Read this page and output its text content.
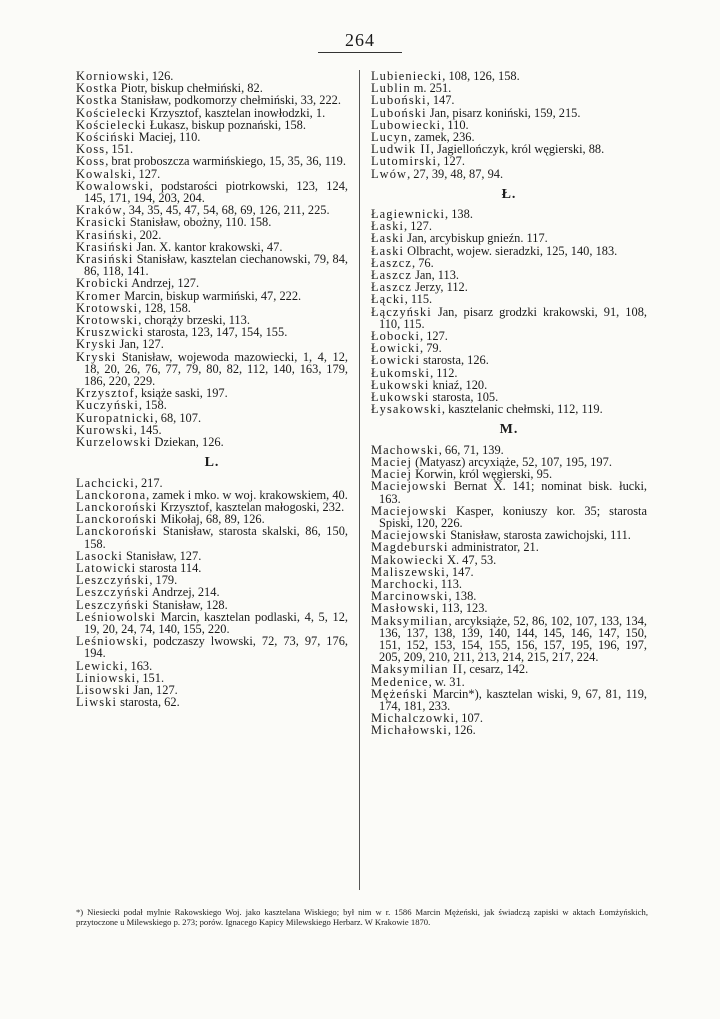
264

Korniowski, 126.

Kostka Piotr, biskup chełmiński, 82.

Kostka Stanisław, podkomorzy chełmiński, 33, 222.

Kościelecki Krzysztof, kasztelan inowłodzki, 1.

Kościelecki Łukasz, biskup poznański, 158.

Kościński Maciej, 110.

Koss, 151.

Koss, brat proboszcza warmińskiego, 15, 35, 36, 119.

Kowalski, 127.

Kowalowski, podstarości piotrkowski, 123, 124, 145, 171, 194, 203, 204.

Kraków, 34, 35, 45, 47, 54, 68, 69, 126, 211, 225.

Krasicki Stanisław, obożny, 110. 158.

Krasiński, 202.

Krasiński Jan. X. kantor krakowski, 47.

Krasiński Stanisław, kasztelan ciechanowski, 79, 84, 86, 118, 141.

Krobicki Andrzej, 127.

Kromer Marcin, biskup warmiński, 47, 222.

Krotowski, 128, 158.

Krotowski, chorąży brzeski, 113.

Kruszwicki starosta, 123, 147, 154, 155.

Kryski Jan, 127.

Kryski Stanisław, wojewoda mazowiecki, 1, 4, 12, 18, 20, 26, 76, 77, 79, 80, 82, 112, 140, 163, 179, 186, 220, 229.

Krzysztof, książe saski, 197.

Kuczyński, 158.

Kuropatnicki, 68, 107.

Kurowski, 145.

Kurzelowski Dziekan, 126.

L.

Lachcicki, 217.

Lanckorona, zamek i mko. w woj. krakowskiem, 40.

Lanckoroński Krzysztof, kasztelan małogoski, 232.

Lanckoroński Mikołaj, 68, 89, 126.

Lanckoroński Stanisław, starosta skalski, 86, 150, 158.

Lasocki Stanisław, 127.

Latowicki starosta 114.

Leszczyński, 179.

Leszczyński Andrzej, 214.

Leszczyński Stanisław, 128.

Leśniowolski Marcin, kasztelan podlaski, 4, 5, 12, 19, 20, 24, 74, 140, 155, 220.

Leśniowski, podczaszy lwowski, 72, 73, 97, 176, 194.

Lewicki, 163.

Liniowski, 151.

Lisowski Jan, 127.

Liwski starosta, 62.

Lubieniecki, 108, 126, 158.

Lublin m. 251.

Luboński, 147.

Luboński Jan, pisarz koniński, 159, 215.

Lubowiecki, 110.

Lucyn, zamek, 236.

Ludwik II, Jagiellończyk, król węgierski, 88.

Lutomirski, 127.

Lwów, 27, 39, 48, 87, 94.

Ł.

Łagiewnicki, 138.

Łaski, 127.

Łaski Jan, arcybiskup gnieźn. 117.

Łaski Olbracht, wojew. sieradzki, 125, 140, 183.

Łaszcz, 76.

Łaszcz Jan, 113.

Łaszcz Jerzy, 112.

Łącki, 115.

Łączyński Jan, pisarz grodzki krakowski, 91, 108, 110, 115.

Łobocki, 127.

Łowicki, 79.

Łowicki starosta, 126.

Łukomski, 112.

Łukowski kniaź, 120.

Łukowski starosta, 105.

Łysakowski, kasztelanic chełmski, 112, 119.

M.

Machowski, 66, 71, 139.

Maciej (Matyasz) arcyxiąże, 52, 107, 195, 197.

Maciej Korwin, król węgierski, 95.

Maciejowski Bernat X. 141; nominat bisk. łucki, 163.

Maciejowski Kasper, koniuszy kor. 35; starosta Spiski, 120, 226.

Maciejowski Stanisław, starosta zawichojski, 111.

Magdeburski administrator, 21.

Makowiecki X. 47, 53.

Maliszewski, 147.

Marchocki, 113.

Marcinowski, 138.

Masłowski, 113, 123.

Maksymilian, arcyksiąże, 52, 86, 102, 107, 133, 134, 136, 137, 138, 139, 140, 144, 145, 146, 147, 150, 151, 152, 153, 154, 155, 156, 157, 195, 196, 197, 205, 209, 210, 211, 213, 214, 215, 217, 224.

Maksymilian II, cesarz, 142.

Medenice, w. 31.

Mężeński Marcin*), kasztelan wiski, 9, 67, 81, 119, 174, 181, 233.

Michalczowki, 107.

Michałowski, 126.

*) Niesiecki podał mylnie Rakowskiego Woj. jako kasztelana Wiskiego; był nim w r. 1586 Marcin Mężeński, jak świadczą zapiski w aktach Łomżyńskich, przytoczone u Milewskiego p. 273; porów. Ignacego Kapicy Milewskiego Herbarz. W Krakowie 1870.
